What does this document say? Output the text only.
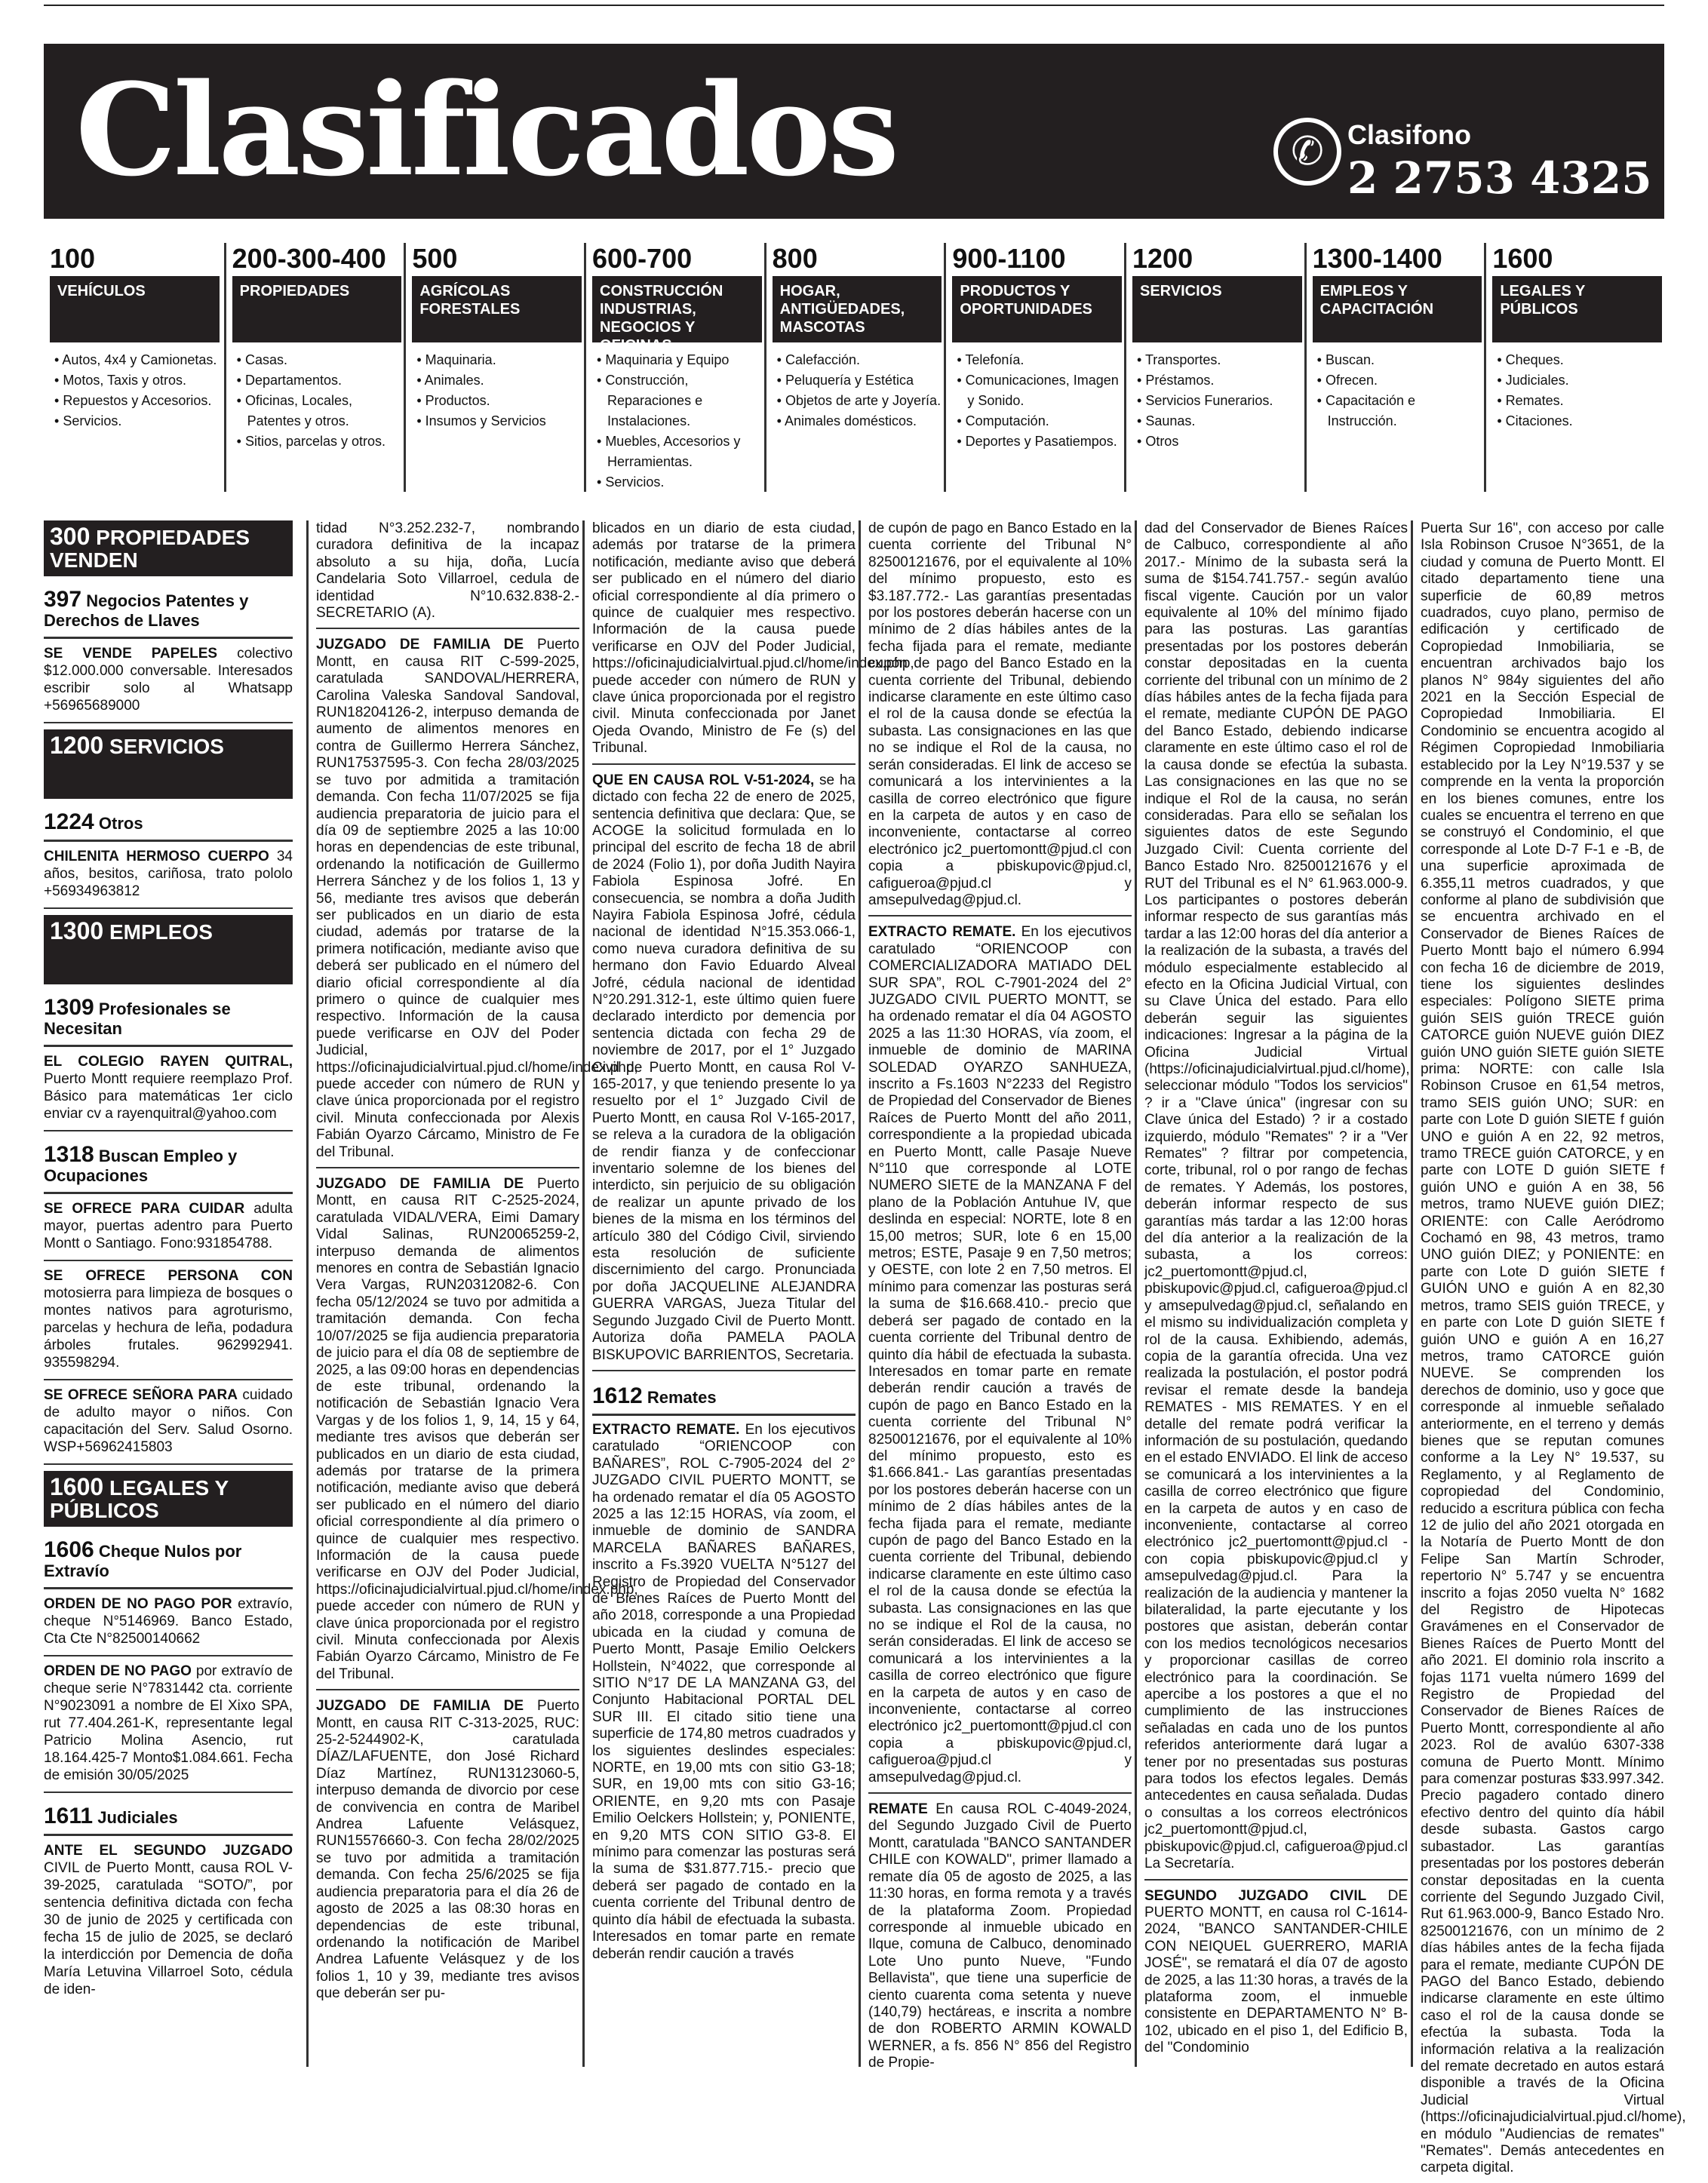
Clasificados	✆ Clasifono
2 2753 4325
100
VEHÍCULOS
• Autos, 4x4 y Camionetas.
• Motos, Taxis y otros.
• Repuestos y Accesorios.
• Servicios.
200-300-400
PROPIEDADES
• Casas.
• Departamentos.
• Oficinas, Locales, Patentes y otros.
• Sitios, parcelas y otros.
500
AGRÍCOLAS FORESTALES
• Maquinaria.
• Animales.
• Productos.
• Insumos y Servicios
600-700
CONSTRUCCIÓN INDUSTRIAS, NEGOCIOS Y OFICINAS
• Maquinaria y Equipo
• Construcción, Reparaciones e Instalaciones.
• Muebles, Accesorios y Herramientas.
• Servicios.
800
HOGAR, ANTIGÜEDADES, MASCOTAS
• Calefacción.
• Peluquería y Estética
• Objetos de arte y Joyería.
• Animales domésticos.
900-1100
PRODUCTOS Y OPORTUNIDADES
• Telefonía.
• Comunicaciones, Imagen y Sonido.
• Computación.
• Deportes y Pasatiempos.
1200
SERVICIOS
• Transportes.
• Préstamos.
• Servicios Funerarios.
• Saunas.
• Otros
1300-1400
EMPLEOS Y CAPACITACIÓN
• Buscan.
• Ofrecen.
• Capacitación e Instrucción.
1600
LEGALES Y PÚBLICOS
• Cheques.
• Judiciales.
• Remates.
• Citaciones.
300 PROPIEDADES VENDEN
397 Negocios Patentes y Derechos de Llaves
SE VENDE PAPELES colectivo $12.000.000 conversable. Interesados escribir solo al Whatsapp +56965689000
1200 SERVICIOS
1224 Otros
CHILENITA HERMOSO CUERPO 34 años, besitos, cariñosa, trato pololo +56934963812
1300 EMPLEOS
1309 Profesionales se Necesitan
EL COLEGIO RAYEN QUITRAL, Puerto Montt requiere reemplazo Prof. Básico para matemáticas 1er ciclo enviar cv a rayenquitral@yahoo.com
1318 Buscan Empleo y Ocupaciones
SE OFRECE PARA CUIDAR adulta mayor, puertas adentro para Puerto Montt o Santiago. Fono:931854788.
SE OFRECE PERSONA CON motosierra para limpieza de bosques o montes nativos para agroturismo, parcelas y hechura de leña, podadura árboles frutales. 962992941. 935598294.
SE OFRECE SEÑORA PARA cuidado de adulto mayor o niños. Con capacitación del Serv. Salud Osorno. WSP+56962415803
1600 LEGALES Y PÚBLICOS
1606 Cheque Nulos por Extravío
ORDEN DE NO PAGO POR extravío, cheque N°5146969. Banco Estado, Cta Cte N°82500140662
ORDEN DE NO PAGO por extravío de cheque serie N°7831442 cta. corriente N°9023091 a nombre de El Xixo SPA, rut 77.404.261-K, representante legal Patricio Molina Asencio, rut 18.164.425-7 Monto$1.084.661. Fecha de emisión 30/05/2025
1611 Judiciales
ANTE EL SEGUNDO JUZGADO CIVIL de Puerto Montt, causa ROL V-39-2025, caratulada “SOTO/”, por sentencia definitiva dictada con fecha 30 de junio de 2025 y certificada con fecha 15 de julio de 2025, se declaró la interdicción por Demencia de doña María Letuvina Villarroel Soto, cédula de iden-
tidad N°3.252.232-7, nombrando curadora definitiva de la incapaz absoluto a su hija, doña, Lucía Candelaria Soto Villarroel, cedula de identidad N°10.632.838-2.-SECRETARIO (A).
JUZGADO DE FAMILIA DE Puerto Montt, en causa RIT C-599-2025, caratulada SANDOVAL/HERRERA, Carolina Valeska Sandoval Sandoval, RUN18204126-2, interpuso demanda de aumento de alimentos menores en contra de Guillermo Herrera Sánchez, RUN17537595-3. Con fecha 28/03/2025 se tuvo por admitida a tramitación demanda. Con fecha 11/07/2025 se fija audiencia preparatoria de juicio para el día 09 de septiembre 2025 a las 10:00 horas en dependencias de este tribunal, ordenando la notificación de Guillermo Herrera Sánchez y de los folios 1, 13 y 56, mediante tres avisos que deberán ser publicados en un diario de esta ciudad, además por tratarse de la primera notificación, mediante aviso que deberá ser publicado en el número del diario oficial correspondiente al día primero o quince de cualquier mes respectivo. Información de la causa puede verificarse en OJV del Poder Judicial, https://oficinajudicialvirtual.pjud.cl/home/index.php, puede acceder con número de RUN y clave única proporcionada por el registro civil. Minuta confeccionada por Alexis Fabián Oyarzo Cárcamo, Ministro de Fe del Tribunal.
JUZGADO DE FAMILIA DE Puerto Montt, en causa RIT C-2525-2024, caratulada VIDAL/VERA, Eimi Damary Vidal Salinas, RUN20065259-2, interpuso demanda de alimentos menores en contra de Sebastián Ignacio Vera Vargas, RUN20312082-6. Con fecha 05/12/2024 se tuvo por admitida a tramitación demanda. Con fecha 10/07/2025 se fija audiencia preparatoria de juicio para el día 08 de septiembre de 2025, a las 09:00 horas en dependencias de este tribunal, ordenando la notificación de Sebastián Ignacio Vera Vargas y de los folios 1, 9, 14, 15 y 64, mediante tres avisos que deberán ser publicados en un diario de esta ciudad, además por tratarse de la primera notificación, mediante aviso que deberá ser publicado en el número del diario oficial correspondiente al día primero o quince de cualquier mes respectivo. Información de la causa puede verificarse en OJV del Poder Judicial, https://oficinajudicialvirtual.pjud.cl/home/index.php, puede acceder con número de RUN y clave única proporcionada por el registro civil. Minuta confeccionada por Alexis Fabián Oyarzo Cárcamo, Ministro de Fe del Tribunal.
JUZGADO DE FAMILIA DE Puerto Montt, en causa RIT C-313-2025, RUC: 25-2-5244902-K, caratulada DÍAZ/LAFUENTE, don José Richard Díaz Martínez, RUN13123060-5, interpuso demanda de divorcio por cese de convivencia en contra de Maribel Andrea Lafuente Velásquez, RUN15576660-3. Con fecha 28/02/2025 se tuvo por admitida a tramitación demanda. Con fecha 25/6/2025 se fija audiencia preparatoria para el día 26 de agosto de 2025 a las 08:30 horas en dependencias de este tribunal, ordenando la notificación de Maribel Andrea Lafuente Velásquez y de los folios 1, 10 y 39, mediante tres avisos que deberán ser pu-
blicados en un diario de esta ciudad, además por tratarse de la primera notificación, mediante aviso que deberá ser publicado en el número del diario oficial correspondiente al día primero o quince de cualquier mes respectivo. Información de la causa puede verificarse en OJV del Poder Judicial, https://oficinajudicialvirtual.pjud.cl/home/index.php, puede acceder con número de RUN y clave única proporcionada por el registro civil. Minuta confeccionada por Janet Ojeda Ovando, Ministro de Fe (s) del Tribunal.
QUE EN CAUSA ROL V-51-2024, se ha dictado con fecha 22 de enero de 2025, sentencia definitiva que declara: Que, se ACOGE la solicitud formulada en lo principal del escrito de fecha 18 de abril de 2024 (Folio 1), por doña Judith Nayira Fabiola Espinosa Jofré. En consecuencia, se nombra a doña Judith Nayira Fabiola Espinosa Jofré, cédula nacional de identidad N°15.353.066-1, como nueva curadora definitiva de su hermano don Favio Eduardo Alveal Jofré, cédula nacional de identidad N°20.291.312-1, este último quien fuere declarado interdicto por demencia por sentencia dictada con fecha 29 de noviembre de 2017, por el 1° Juzgado Civil de Puerto Montt, en causa Rol V-165-2017, y que teniendo presente lo ya resuelto por el 1° Juzgado Civil de Puerto Montt, en causa Rol V-165-2017, se releva a la curadora de la obligación de rendir fianza y de confeccionar inventario solemne de los bienes del interdicto, sin perjuicio de su obligación de realizar un apunte privado de los bienes de la misma en los términos del artículo 380 del Código Civil, sirviendo esta resolución de suficiente discernimiento del cargo. Pronunciada por doña JACQUELINE ALEJANDRA GUERRA VARGAS, Jueza Titular del Segundo Juzgado Civil de Puerto Montt. Autoriza doña PAMELA PAOLA BISKUPOVIC BARRIENTOS, Secretaria.
1612 Remates
EXTRACTO REMATE. En los ejecutivos caratulado “ORIENCOOP con BAÑARES”, ROL C-7905-2024 del 2° JUZGADO CIVIL PUERTO MONTT, se ha ordenado rematar el día 05 AGOSTO 2025 a las 12:15 HORAS, vía zoom, el inmueble de dominio de SANDRA MARCELA BAÑARES BAÑARES, inscrito a Fs.3920 VUELTA N°5127 del Registro de Propiedad del Conservador de Bienes Raíces de Puerto Montt del año 2018, corresponde a una Propiedad ubicada en la ciudad y comuna de Puerto Montt, Pasaje Emilio Oelckers Hollstein, N°4022, que corresponde al SITIO N°17 DE LA MANZANA G3, del Conjunto Habitacional PORTAL DEL SUR III. El citado sitio tiene una superficie de 174,80 metros cuadrados y los siguientes deslindes especiales: NORTE, en 19,00 mts con sitio G3-18; SUR, en 19,00 mts con sitio G3-16; ORIENTE, en 9,20 mts con Pasaje Emilio Oelckers Hollstein; y, PONIENTE, en 9,20 MTS CON SITIO G3-8. El mínimo para comenzar las posturas será la suma de $31.877.715.- precio que deberá ser pagado de contado en la cuenta corriente del Tribunal dentro de quinto día hábil de efectuada la subasta. Interesados en tomar parte en remate deberán rendir caución a través
de cupón de pago en Banco Estado en la cuenta corriente del Tribunal N° 82500121676, por el equivalente al 10% del mínimo propuesto, esto es $3.187.772.- Las garantías presentadas por los postores deberán hacerse con un mínimo de 2 días hábiles antes de la fecha fijada para el remate, mediante cupón de pago del Banco Estado en la cuenta corriente del Tribunal, debiendo indicarse claramente en este último caso el rol de la causa donde se efectúa la subasta. Las consignaciones en las que no se indique el Rol de la causa, no serán consideradas. El link de acceso se comunicará a los intervinientes a la casilla de correo electrónico que figure en la carpeta de autos y en caso de inconveniente, contactarse al correo electrónico jc2_puertomontt@pjud.cl con copia a pbiskupovic@pjud.cl, cafigueroa@pjud.cl y amsepulvedag@pjud.cl.
EXTRACTO REMATE. En los ejecutivos caratulado “ORIENCOOP con COMERCIALIZADORA MATIADO DEL SUR SPA”, ROL C-7901-2024 del 2° JUZGADO CIVIL PUERTO MONTT, se ha ordenado rematar el día 04 AGOSTO 2025 a las 11:30 HORAS, vía zoom, el inmueble de dominio de MARINA SOLEDAD OYARZO SANHUEZA, inscrito a Fs.1603 N°2233 del Registro de Propiedad del Conservador de Bienes Raíces de Puerto Montt del año 2011, correspondiente a la propiedad ubicada en Puerto Montt, calle Pasaje Nueve N°110 que corresponde al LOTE NUMERO SIETE de la MANZANA F del plano de la Población Antuhue IV, que deslinda en especial: NORTE, lote 8 en 15,00 metros; SUR, lote 6 en 15,00 metros; ESTE, Pasaje 9 en 7,50 metros; y OESTE, con lote 2 en 7,50 metros. El mínimo para comenzar las posturas será la suma de $16.668.410.- precio que deberá ser pagado de contado en la cuenta corriente del Tribunal dentro de quinto día hábil de efectuada la subasta. Interesados en tomar parte en remate deberán rendir caución a través de cupón de pago en Banco Estado en la cuenta corriente del Tribunal N° 82500121676, por el equivalente al 10% del mínimo propuesto, esto es $1.666.841.- Las garantías presentadas por los postores deberán hacerse con un mínimo de 2 días hábiles antes de la fecha fijada para el remate, mediante cupón de pago del Banco Estado en la cuenta corriente del Tribunal, debiendo indicarse claramente en este último caso el rol de la causa donde se efectúa la subasta. Las consignaciones en las que no se indique el Rol de la causa, no serán consideradas. El link de acceso se comunicará a los intervinientes a la casilla de correo electrónico que figure en la carpeta de autos y en caso de inconveniente, contactarse al correo electrónico jc2_puertomontt@pjud.cl con copia a pbiskupovic@pjud.cl, cafigueroa@pjud.cl y amsepulvedag@pjud.cl.
REMATE En causa ROL C-4049-2024, del Segundo Juzgado Civil de Puerto Montt, caratulada "BANCO SANTANDER CHILE con KOWALD", primer llamado a remate día 05 de agosto de 2025, a las 11:30 horas, en forma remota y a través de la plataforma Zoom. Propiedad corresponde al inmueble ubicado en Ilque, comuna de Calbuco, denominado Lote Uno punto Nueve, "Fundo Bellavista", que tiene una superficie de ciento cuarenta coma setenta y nueve (140,79) hectáreas, e inscrita a nombre de don ROBERTO ARMIN KOWALD WERNER, a fs. 856 N° 856 del Registro de Propie-
dad del Conservador de Bienes Raíces de Calbuco, correspondiente al año 2017.- Mínimo de la subasta será la suma de $154.741.757.- según avalúo fiscal vigente. Caución por un valor equivalente al 10% del mínimo fijado para las posturas. Las garantías presentadas por los postores deberán constar depositadas en la cuenta corriente del tribunal con un mínimo de 2 días hábiles antes de la fecha fijada para el remate, mediante CUPÓN DE PAGO del Banco Estado, debiendo indicarse claramente en este último caso el rol de la causa donde se efectúa la subasta. Las consignaciones en las que no se indique el Rol de la causa, no serán consideradas. Para ello se señalan los siguientes datos de este Segundo Juzgado Civil: Cuenta corriente del Banco Estado Nro. 82500121676 y el RUT del Tribunal es el N° 61.963.000-9. Los participantes o postores deberán informar respecto de sus garantías más tardar a las 12:00 horas del día anterior a la realización de la subasta, a través del módulo especialmente establecido al efecto en la Oficina Judicial Virtual, con su Clave Única del estado. Para ello deberán seguir las siguientes indicaciones: Ingresar a la página de la Oficina Judicial Virtual (https://oficinajudicialvirtual.pjud.cl/home), seleccionar módulo "Todos los servicios" ? ir a "Clave única" (ingresar con su Clave única del Estado) ? ir a costado izquierdo, módulo "Remates" ? ir a "Ver Remates" ? filtrar por competencia, corte, tribunal, rol o por rango de fechas de remates. Y Además, los postores, deberán informar respecto de sus garantías más tardar a las 12:00 horas del día anterior a la realización de la subasta, a los correos: jc2_puertomontt@pjud.cl, pbiskupovic@pjud.cl, cafigueroa@pjud.cl y amsepulvedag@pjud.cl, señalando en el mismo su individualización completa y rol de la causa. Exhibiendo, además, copia de la garantía ofrecida. Una vez realizada la postulación, el postor podrá revisar el remate desde la bandeja REMATES - MIS REMATES. Y en el detalle del remate podrá verificar la información de su postulación, quedando en el estado ENVIADO. El link de acceso se comunicará a los intervinientes a la casilla de correo electrónico que figure en la carpeta de autos y en caso de inconveniente, contactarse al correo electrónico jc2_puertomontt@pjud.cl - con copia pbiskupovic@pjud.cl y amsepulvedag@pjud.cl. Para la realización de la audiencia y mantener la bilateralidad, la parte ejecutante y los postores que asistan, deberán contar con los medios tecnológicos necesarios y proporcionar casillas de correo electrónico para la coordinación. Se apercibe a los postores a que el no cumplimiento de las instrucciones señaladas en cada uno de los puntos referidos anteriormente dará lugar a tener por no presentadas sus posturas para todos los efectos legales. Demás antecedentes en causa señalada. Dudas o consultas a los correos electrónicos jc2_puertomontt@pjud.cl, pbiskupovic@pjud.cl, cafigueroa@pjud.cl La Secretaría.
SEGUNDO JUZGADO CIVIL DE PUERTO MONTT, en causa rol C-1614-2024, "BANCO SANTANDER-CHILE CON NEIQUEL GUERRERO, MARIA JOSÉ", se rematará el día 07 de agosto de 2025, a las 11:30 horas, a través de la plataforma zoom, el inmueble consistente en DEPARTAMENTO N° B-102, ubicado en el piso 1, del Edificio B, del "Condominio
Puerta Sur 16", con acceso por calle Isla Robinson Crusoe N°3651, de la ciudad y comuna de Puerto Montt. El citado departamento tiene una superficie de 60,89 metros cuadrados, cuyo plano, permiso de edificación y certificado de Copropiedad Inmobiliaria, se encuentran archivados bajo los planos N° 984y siguientes del año 2021 en la Sección Especial de Copropiedad Inmobiliaria. El Condominio se encuentra acogido al Régimen Copropiedad Inmobiliaria establecido por la Ley N°19.537 y se comprende en la venta la proporción en los bienes comunes, entre los cuales se encuentra el terreno en que se construyó el Condominio, el que corresponde al Lote D-7 F-1 e -B, de una superficie aproximada de 6.355,11 metros cuadrados, y que conforme al plano de subdivisión que se encuentra archivado en el Conservador de Bienes Raíces de Puerto Montt bajo el número 6.994 con fecha 16 de diciembre de 2019, tiene los siguientes deslindes especiales: Polígono SIETE prima guión SEIS guión TRECE guión CATORCE guión NUEVE guión DIEZ guión UNO guión SIETE guión SIETE prima: NORTE: con calle Isla Robinson Crusoe en 61,54 metros, tramo SEIS guión UNO; SUR: en parte con Lote D guión SIETE f guión UNO e guión A en 22, 92 metros, tramo TRECE guión CATORCE, y en parte con LOTE D guión SIETE f guión UNO e guión A en 38, 56 metros, tramo NUEVE guión DIEZ; ORIENTE: con Calle Aeródromo Cochamó en 98, 43 metros, tramo UNO guión DIEZ; y PONIENTE: en parte con Lote D guión SIETE f GUIÓN UNO e guión A en 82,30 metros, tramo SEIS guión TRECE, y en parte con Lote D guión SIETE f guión UNO e guión A en 16,27 metros, tramo CATORCE guión NUEVE. Se comprenden los derechos de dominio, uso y goce que corresponde al inmueble señalado anteriormente, en el terreno y demás bienes que se reputan comunes conforme a la Ley N° 19.537, su Reglamento, y al Reglamento de copropiedad del Condominio, reducido a escritura pública con fecha 12 de julio del año 2021 otorgada en la Notaría de Puerto Montt de don Felipe San Martín Schroder, repertorio N° 5.747 y se encuentra inscrito a fojas 2050 vuelta N° 1682 del Registro de Hipotecas Gravámenes en el Conservador de Bienes Raíces de Puerto Montt del año 2021. El dominio rola inscrito a fojas 1171 vuelta número 1699 del Registro de Propiedad del Conservador de Bienes Raíces de Puerto Montt, correspondiente al año 2023. Rol de avalúo 6307-338 comuna de Puerto Montt. Mínimo para comenzar posturas $33.997.342. Precio pagadero contado dinero efectivo dentro del quinto día hábil desde subasta. Gastos cargo subastador. Las garantías presentadas por los postores deberán constar depositadas en la cuenta corriente del Segundo Juzgado Civil, Rut 61.963.000-9, Banco Estado Nro. 82500121676, con un mínimo de 2 días hábiles antes de la fecha fijada para el remate, mediante CUPÓN DE PAGO del Banco Estado, debiendo indicarse claramente en este último caso el rol de la causa donde se efectúa la subasta. Toda la información relativa a la realización del remate decretado en autos estará disponible a través de la Oficina Judicial Virtual (https://oficinajudicialvirtual.pjud.cl/home), en módulo "Audiencias de remates" "Remates". Demás antecedentes en carpeta digital.
